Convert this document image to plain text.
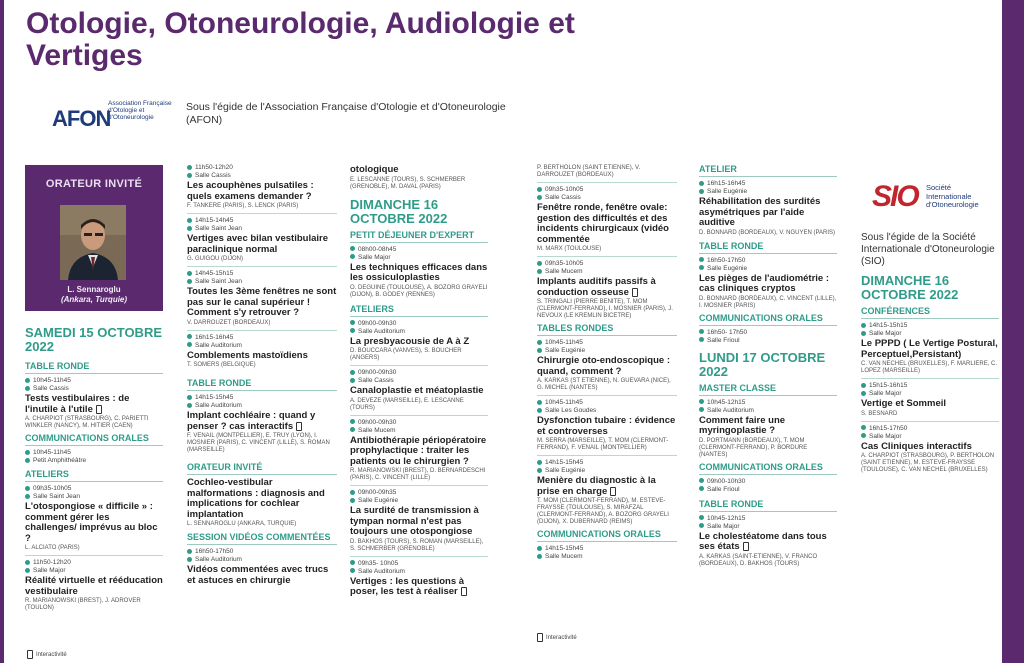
Otologie, Otoneurologie, Audiologie et Vertiges
AFON
Association Française d'Otologie et d'Otoneurologie
Sous l'égide de l'Association Française d'Otologie et d'Otoneurologie (AFON)
ORATEUR INVITÉ
L. Sennaroglu
(Ankara, Turquie)
SAMEDI 15 OCTOBRE 2022
TABLE RONDE
10h45-11h45
Salle Cassis
Tests vestibulaires : de l'inutile à l'utile
A. CHARPIOT (STRASBOURG), C. PARIETTI WINKLER (NANCY), M. HITIER (CAEN)
COMMUNICATIONS ORALES
10h45-11h45
Petit Amphithéâtre
ATELIERS
09h35-10h05
Salle Saint Jean
L'otospongiose « difficile » : comment gérer les challenges/ imprévus au bloc ?
L. ALCIATO (PARIS)
11h50-12h20
Salle Major
Réalité virtuelle et rééducation vestibulaire
R. MARIANOWSKI (BREST), J. ADROVER (TOULON)
Interactivité
11h50-12h20
Salle Cassis
Les acouphènes pulsatiles : quels examens demander ?
F. TANKERE (PARIS), S. LENCK (PARIS)
14h15-14h45
Salle Saint Jean
Vertiges avec bilan vestibulaire paraclinique normal
G. GUIGOU (DIJON)
14h45-15h15
Salle Saint Jean
Toutes les 3ème fenêtres ne sont pas sur le canal supérieur ! Comment s'y retrouver ?
V. DARROUZET (BORDEAUX)
16h15-16h45
Salle Auditorium
Comblements mastoïdiens
T. SOMERS (BELGIQUE)
TABLE RONDE
14h15-15h45
Salle Auditorium
Implant cochléaire : quand y penser ? cas interactifs
F. VENAIL (MONTPELLIER), E. TRUY (LYON), I. MOSNIER (PARIS), C. VINCENT (LILLE), S. ROMAN (MARSEILLE)
ORATEUR INVITÉ
Cochleo-vestibular malformations : diagnosis and implications for cochlear implantation
L. SENNAROGLU (ANKARA, TURQUIE)
SESSION VIDÉOS COMMENTÉES
16h50-17h50
Salle Auditorium
Vidéos commentées avec trucs et astuces en chirurgie
otologique
E. LESCANNE (TOURS), S. SCHMERBER (GRENOBLE), M. DAVAL (PARIS)
DIMANCHE 16 OCTOBRE 2022
PETIT DÉJEUNER D'EXPERT
08h00-08h45
Salle Major
Les techniques efficaces dans les ossiculoplasties
O. DEGUINE (TOULOUSE), A. BOZORG GRAYELI (DIJON), B. GODEY (RENNES)
ATELIERS
09h00-09h30
Salle Auditorium
La presbyacousie de A à Z
D. BOUCCARA (VANVES), S. BOUCHER (ANGERS)
09h00-09h30
Salle Cassis
Canaloplastie et méatoplastie
A. DEVEZE (MARSEILLE), E. LESCANNE (TOURS)
09h00-09h30
Salle Mucem
Antibiothérapie périopératoire prophylactique : traiter les patients ou le chirurgien ?
R. MARIANOWSKI (BREST), D. BERNARDESCHI (PARIS), C. VINCENT (LILLE)
09h00-09h35
Salle Eugénie
La surdité de transmission à tympan normal n'est pas toujours une otospongiose
D. BAKHOS (TOURS), S. ROMAN (MARSEILLE), S. SCHMERBER (GRENOBLE)
09h35- 10h05
Salle Auditorium
Vertiges : les questions à poser, les test à réaliser
P. BERTHOLON (SAINT ETIENNE), V. DARROUZET (BORDEAUX)
09h35-10h05
Salle Cassis
Fenêtre ronde, fenêtre ovale: gestion des difficultés et des incidents chirurgicaux (vidéo commentée
M. MARX (TOULOUSE)
09h35-10h05
Salle Mucem
Implants auditifs passifs à conduction osseuse
S. TRINGALI (PIERRE BENITE), T. MOM (CLERMONT-FERRAND), I. MOSNIER (PARIS), J. NEVOUX (LE KREMLIN BICETRE)
TABLES RONDES
10h45-11h45
Salle Eugénie
Chirurgie oto-endoscopique : quand, comment ?
A. KARKAS (ST ETIENNE), N. GUEVARA (NICE), G. MICHEL (NANTES)
10h45-11h45
Salle Les Goudes
Dysfonction tubaire : évidence et controverses
M. SERRA (MARSEILLE), T. MOM (CLERMONT-FERRAND), F. VENAIL (MONTPELLIER)
14h15-15h45
Salle Eugénie
Menière du diagnostic à la prise en charge
T. MOM (CLERMONT-FERRAND), M. ESTEVE-FRAYSSE (TOULOUSE), S. MIRAFZAL (CLERMONT-FERRAND), A. BOZORG GRAYELI (DIJON), X. DUBERNARD (REIMS)
COMMUNICATIONS ORALES
14h15-15h45
Salle Mucem
Interactivité
ATELIER
16h15-16h45
Salle Eugénie
Réhabilitation des surdités asymétriques par l'aide auditive
D. BONNARD (BORDEAUX), V. NGUYEN (PARIS)
TABLE RONDE
16h50-17h50
Salle Eugénie
Les pièges de l'audiométrie : cas cliniques cryptos
D. BONNARD (BORDEAUX), C. VINCENT (LILLE), I. MOSNIER (PARIS)
COMMUNICATIONS ORALES
16h50- 17h50
Salle Frioul
LUNDI 17 OCTOBRE 2022
MASTER CLASSE
10h45-12h15
Salle Auditorium
Comment faire une myringoplastie ?
D. PORTMANN (BORDEAUX), T. MOM (CLERMONT-FERRAND), P. BORDURE (NANTES)
COMMUNICATIONS ORALES
09h00-10h30
Salle Frioul
TABLE RONDE
10h45-12h15
Salle Major
Le cholestéatome dans tous ses états
A. KARKAS (SAINT-ETIENNE), V. FRANCO (BORDEAUX), D. BAKHOS (TOURS)
SIO Société Internationale d'Otoneurologie
Sous l'égide de la Société Internationale d'Otoneurologie (SIO)
DIMANCHE 16 OCTOBRE 2022
CONFÉRENCES
14h15-15h15
Salle Major
Le PPPD ( Le Vertige Postural, Perceptuel,Persistant)
C. VAN NECHEL (BRUXELLES), F. MARLIERE, C. LOPEZ (MARSEILLE)
15h15-16h15
Salle Major
Vertige et Sommeil
S. BESNARD
16h15-17h50
Salle Major
Cas Cliniques interactifs
A. CHARPIOT (STRASBOURG), P. BERTHOLON (SAINT ETIENNE), M. ESTEVE-FRAYSSE (TOULOUSE), C. VAN NECHEL (BRUXELLES)
